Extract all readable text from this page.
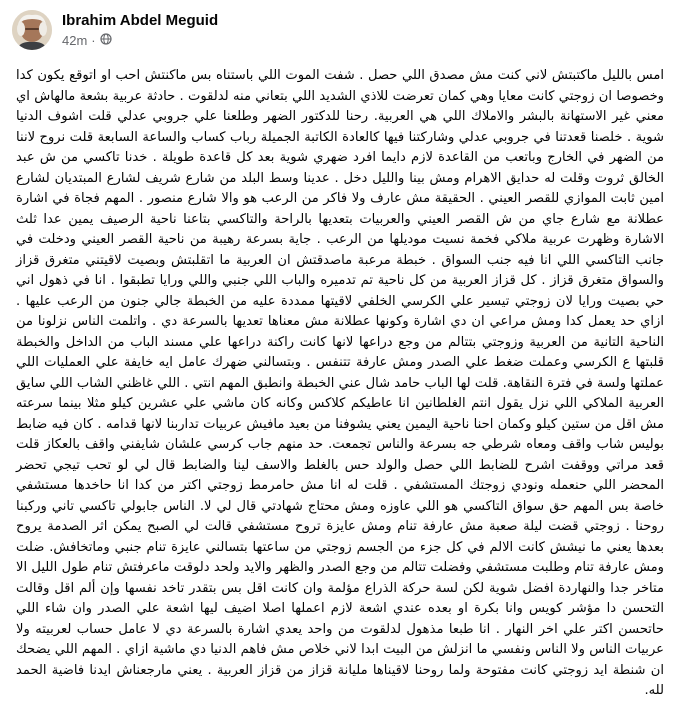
Ibrahim Abdel Meguid
42m ·
امس بالليل ماكتبتش لاني كنت مش مصدق اللي حصل . شفت الموت اللي باستناه بس ماكنتش احب او اتوقع يكون كدا وخصوصا ان زوجتي كانت معايا وهي كمان تعرضت للاذي الشديد اللي بتعاني منه لدلقوت . حادثة عربية بشعة مالهاش اي معني غير الاستهانة بالبشر والاملاك اللي هي العربية. رحنا للدكتور الضهر وطلعنا علي جروبي عدلي قلت اشوف الدنيا شوية . خلصنا قعدتنا في جروبي عدلي وشاركتنا فيها كالعادة الكاتبة الجميلة رباب كساب والساعة السابعة قلت نروح لاننا من الضهر في الخارج وباتعب من القاعدة لازم دايما افرد ضهري شوية بعد كل قاعدة طويلة . خدنا تاكسي من ش عبد الخالق ثروت وقلت له حدايق الاهرام ومش بينا والليل دخل . عدينا وسط البلد من شارع شريف لشارع المبتديان لشارع امين ثابت الموازي للقصر العيني . الحقيقة مش عارف ولا فاكر من الرعب هو والا شارع منصور . المهم فجاة في اشارة عطلانة مع شارع جاي من ش القصر العيني والعربيات بتعديها بالراحة والتاكسي بتاعنا ناحية الرصيف يمين عدا ثلث الاشارة وظهرت عربية ملاكي فخمة نسيت موديلها من الرعب . جاية بسرعة رهيبة من ناحية القصر العيني ودخلت في جانب التاكسي اللي انا فيه جنب السواق . خبطة مرعبة ماصدقتش ان العربية ما اتقلبتش وبصيت لاقيتني متغرق قزاز والسواق متغرق قزاز . كل قزاز العربية من كل ناحية تم تدميره والباب اللي جنبي واللي ورايا تطبقوا . انا في ذهول اني حي بصيت ورايا لان زوجتي تيسير علي الكرسي الخلفي لاقيتها ممددة عليه من الخبطة جالي جنون من الرعب عليها . ازاي حد يعمل كدا ومش مراعي ان دي اشارة وكونها عطلانة مش معناها تعديها بالسرعة دي . واتلمت الناس نزلونا من الناحية التانية من العربية وزوجتي بتتالم من وجع دراعها لانها كانت راكنة دراعها علي مسند الباب من الداخل والخبطة قلبتها ع الكرسي وعملت ضغط علي الصدر ومش عارفة تتنفس . وبتسالني ضهرك عامل ايه خايفة علي العمليات اللي عملتها ولسة في فترة النقاهة. قلت لها الباب حامد شال عني الخبطة وانطبق المهم انتي . اللي غاظني الشاب اللي سايق العربية الملاكي اللي نزل يقول انتم الغلطانين انا عاطيكم كلاكس وكانه كان ماشي علي عشرين كيلو مثلا بينما سرعته مش اقل من ستين كيلو وكمان احنا ناحية اليمين يعني يشوفنا من بعيد مافيش عربيات تداربنا لانها قدامه . كان فيه ضابط بوليس شاب واقف ومعاه شرطي جه بسرعة والناس تجمعت. حد منهم جاب كرسي علشان شايفني واقف بالعكاز قلت قعد مراتي ووقفت اشرح للضابط اللي حصل والولد حس بالغلط والاسف لينا والضابط قال لي لو تحب تيجي تحضر المحضر اللي حنعمله ونودي زوجتك المستشفي . قلت له انا مش حامرمط زوجتي اكتر من كدا انا حاخدها مستشفي خاصة بس المهم حق سواق التاكسي هو اللي عاوزه ومش محتاج شهادتي قال لي لا. الناس جابولي تاكسي تاني وركبنا روحنا . زوجتي قضت ليلة صعبة مش عارفة تنام ومش عايزة تروح مستشفي قالت لي الصبح يمكن اثر الصدمة يروح بعدها يعني ما نيشش كانت الالم في كل جزء من الجسم زوجتي من ساعتها بتسالني عايزة تنام جنبي وماتخافش. ضلت ومش عارفة تنام وطلبت مستشفي وفضلت تتالم من وجع الصدر والظهر والايد ولحد دلوقت ماعرفتش تنام طول الليل الا متاخر جدا والنهاردة افضل شوية لكن لسة حركة الذراع مؤلمة وان كانت اقل بس بتقدر تاخد نفسها وإن ألم اقل وقالت التحسن دا مؤشر كويس وانا بكرة او بعده عندي اشعة لازم اعملها اصلا اضيف ليها اشعة علي الصدر وان شاء اللي حاتحسن اكتر علي اخر النهار . انا طبعا مذهول لدلقوت من واحد يعدي اشارة بالسرعة دي لا عامل حساب لعربيته ولا عربيات الناس ولا الناس ونفسي ما انزلش من البيت ابدا لاني خلاص مش فاهم الدنيا دي ماشية ازاي . المهم اللي يضحك ان شنطة ايد زوجتي كانت مفتوحة ولما روحنا لاقيناها مليانة قزاز من قزاز العربية . يعني مارجعناش ايدنا فاضية الحمد لله.
